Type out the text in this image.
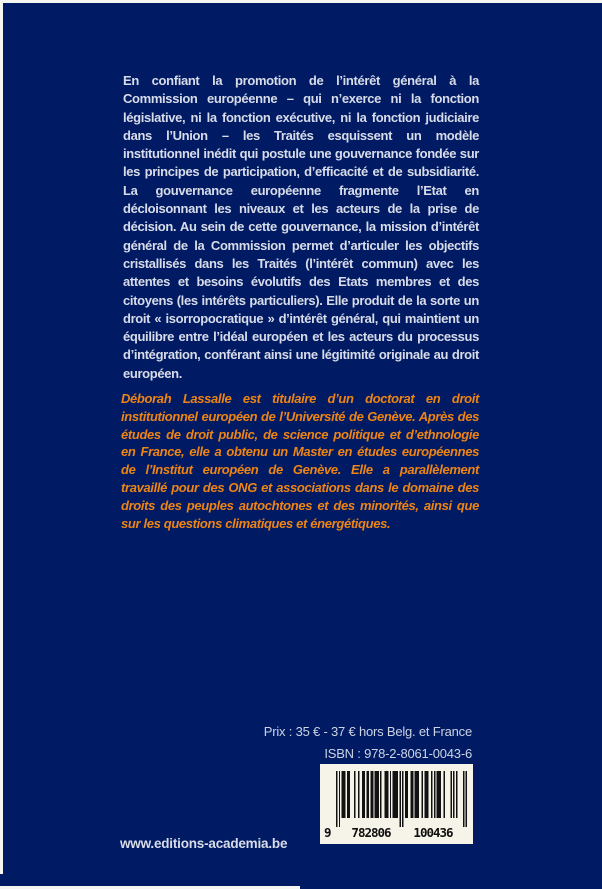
En confiant la promotion de l’intérêt général à la Commission européenne – qui n’exerce ni la fonction législative, ni la fonction exécutive, ni la fonction judiciaire dans l’Union – les Traités esquissent un modèle institutionnel inédit qui postule une gouvernance fondée sur les principes de participation, d’efficacité et de subsidiarité. La gouvernance européenne fragmente l’Etat en décloisonnant les niveaux et les acteurs de la prise de décision. Au sein de cette gouvernance, la mission d’intérêt général de la Commission permet d’articuler les objectifs cristallisés dans les Traités (l’intérêt commun) avec les attentes et besoins évolutifs des Etats membres et des citoyens (les intérêts particuliers). Elle produit de la sorte un droit « isorropocratique » d’intérêt général, qui maintient un équilibre entre l’idéal européen et les acteurs du processus d’intégration, conférant ainsi une légitimité originale au droit européen.

Déborah Lassalle est titulaire d’un doctorat en droit institutionnel européen de l’Université de Genève. Après des études de droit public, de science politique et d’ethnologie en France, elle a obtenu un Master en études européennes de l’Institut européen de Genève. Elle a parallèlement travaillé pour des ONG et associations dans le domaine des droits des peuples autochtones et des minorités, ainsi que sur les questions climatiques et énergétiques.

Prix : 35 € - 37 € hors Belg. et France
ISBN : 978-2-8061-0043-6
9	782806	100436
www.editions-academia.be
